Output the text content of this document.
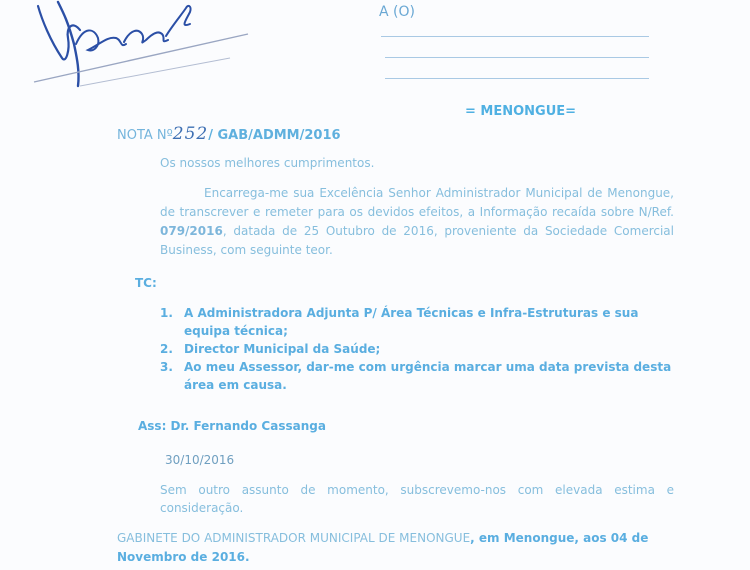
A (O)
= MENONGUE=
NOTA Nº252/ GAB/ADMM/2016
Os nossos melhores cumprimentos.

Encarrega-me sua Excelência Senhor Administrador Municipal de Menongue, de transcrever e remeter para os devidos efeitos, a Informação recaída sobre N/Ref. 079/2016, datada de 25 Outubro de 2016, proveniente da Sociedade Comercial Business, com seguinte teor.

TC:
1. A Administradora Adjunta P/ Área Técnicas e Infra-Estruturas e sua equipa técnica;
2. Director Municipal da Saúde;
3. Ao meu Assessor, dar-me com urgência marcar uma data prevista desta área em causa.
Ass: Dr. Fernando Cassanga
30/10/2016
Sem outro assunto de momento, subscrevemo-nos com elevada estima e consideração.
GABINETE DO ADMINISTRADOR MUNICIPAL DE MENONGUE, em Menongue, aos 04 de Novembro de 2016.
